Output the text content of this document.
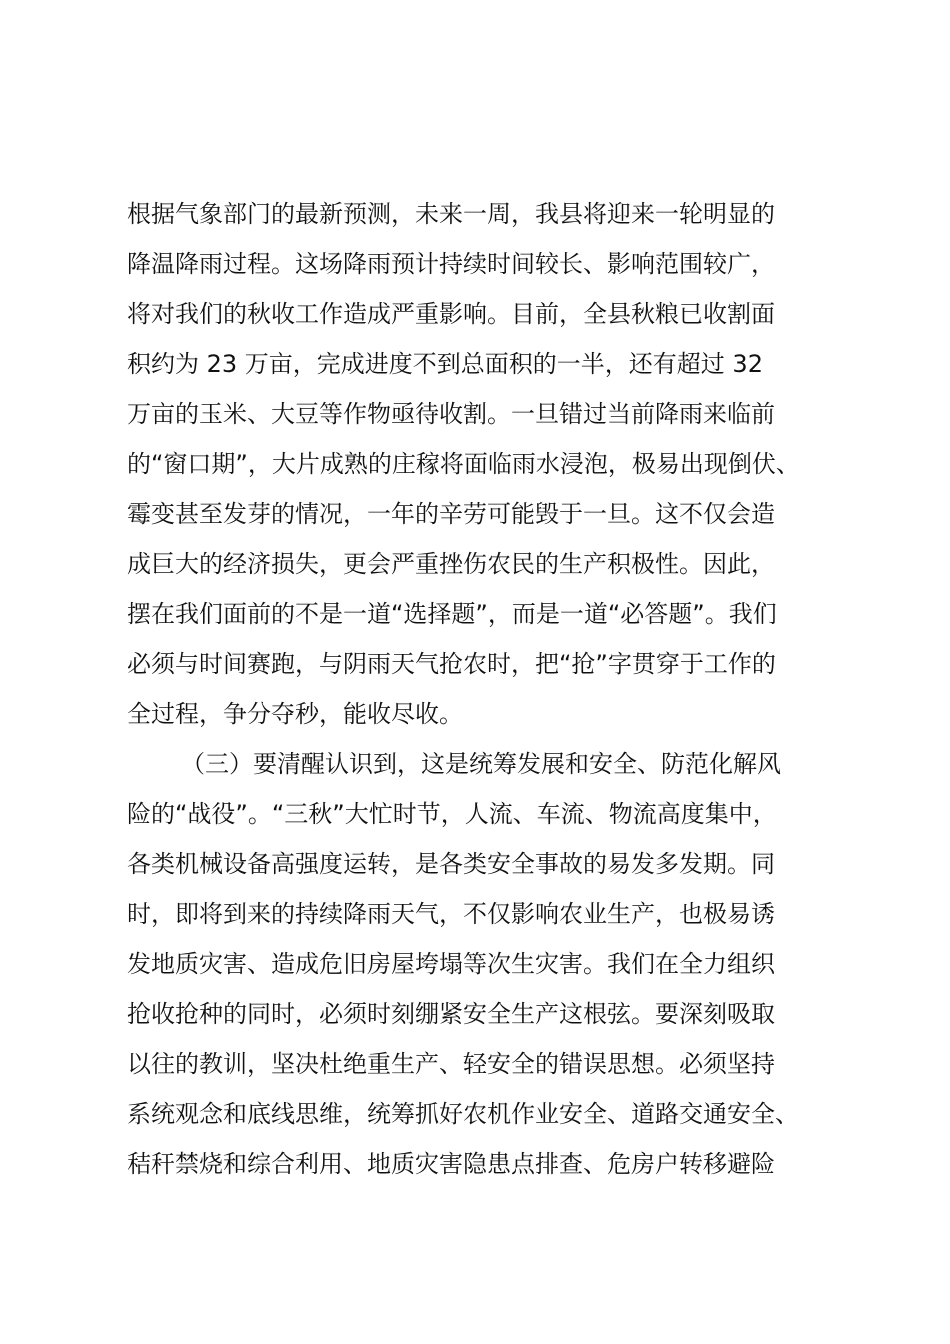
根据气象部门的最新预测，未来一周，我县将迎来一轮明显的
降温降雨过程。这场降雨预计持续时间较长、影响范围较广，
将对我们的秋收工作造成严重影响。目前，全县秋粮已收割面
积约为 23 万亩，完成进度不到总面积的一半，还有超过 32
万亩的玉米、大豆等作物亟待收割。一旦错过当前降雨来临前
的“窗口期”，大片成熟的庄稼将面临雨水浸泡，极易出现倒伏、
霉变甚至发芽的情况，一年的辛劳可能毁于一旦。这不仅会造
成巨大的经济损失，更会严重挫伤农民的生产积极性。因此，
摆在我们面前的不是一道“选择题”，而是一道“必答题”。我们
必须与时间赛跑，与阴雨天气抢农时，把“抢”字贯穿于工作的
全过程，争分夺秒，能收尽收。
（三）要清醒认识到，这是统筹发展和安全、防范化解风
险的“战役”。“三秋”大忙时节，人流、车流、物流高度集中，
各类机械设备高强度运转，是各类安全事故的易发多发期。同
时，即将到来的持续降雨天气，不仅影响农业生产，也极易诱
发地质灾害、造成危旧房屋垮塌等次生灾害。我们在全力组织
抢收抢种的同时，必须时刻绷紧安全生产这根弦。要深刻吸取
以往的教训，坚决杜绝重生产、轻安全的错误思想。必须坚持
系统观念和底线思维，统筹抓好农机作业安全、道路交通安全、
秸秆禁烧和综合利用、地质灾害隐患点排查、危房户转移避险
